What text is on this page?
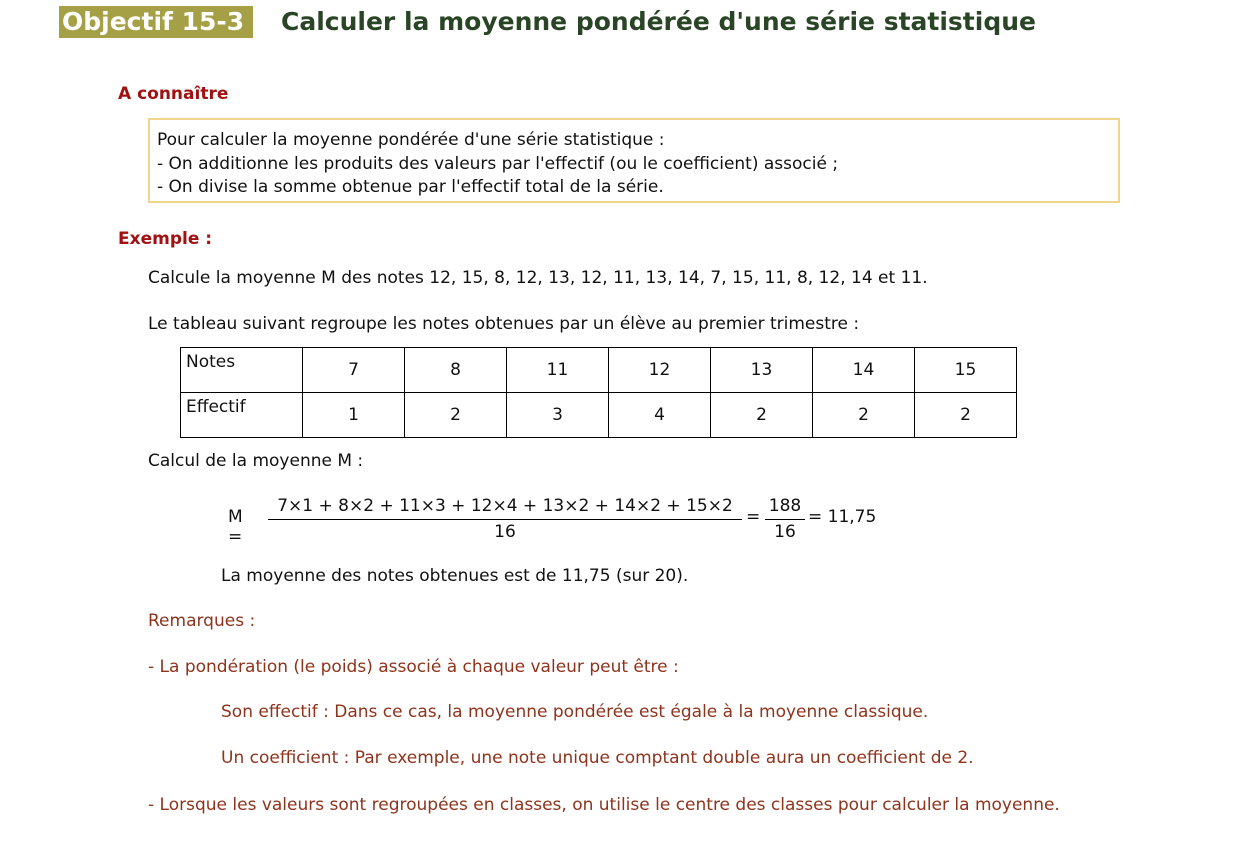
Objectif 15-3	Calculer la moyenne pondérée d'une série statistique
A connaître
Pour calculer la moyenne pondérée d'une série statistique :
- On additionne les produits des valeurs par l'effectif (ou le coefficient) associé ;
- On divise la somme obtenue par l'effectif total de la série.
Exemple :
Calcule la moyenne M des notes 12, 15, 8, 12, 13, 12, 11, 13, 14, 7, 15, 11, 8, 12, 14 et 11.
Le tableau suivant regroupe les notes obtenues par un élève au premier trimestre :
Notes	7	8	11	12	13	14	15
Effectif	1	2	3	4	2	2	2
Calcul de la moyenne M :
M =
7×1 + 8×2 + 11×3 + 12×4 + 13×2 + 14×2 + 15×2
16
=
188
16
= 11,75
La moyenne des notes obtenues est de 11,75 (sur 20).
Remarques :
- La pondération (le poids) associé à chaque valeur peut être :
Son effectif : Dans ce cas, la moyenne pondérée est égale à la moyenne classique.
Un coefficient : Par exemple, une note unique comptant double aura un coefficient de 2.
- Lorsque les valeurs sont regroupées en classes, on utilise le centre des classes pour calculer la moyenne.
